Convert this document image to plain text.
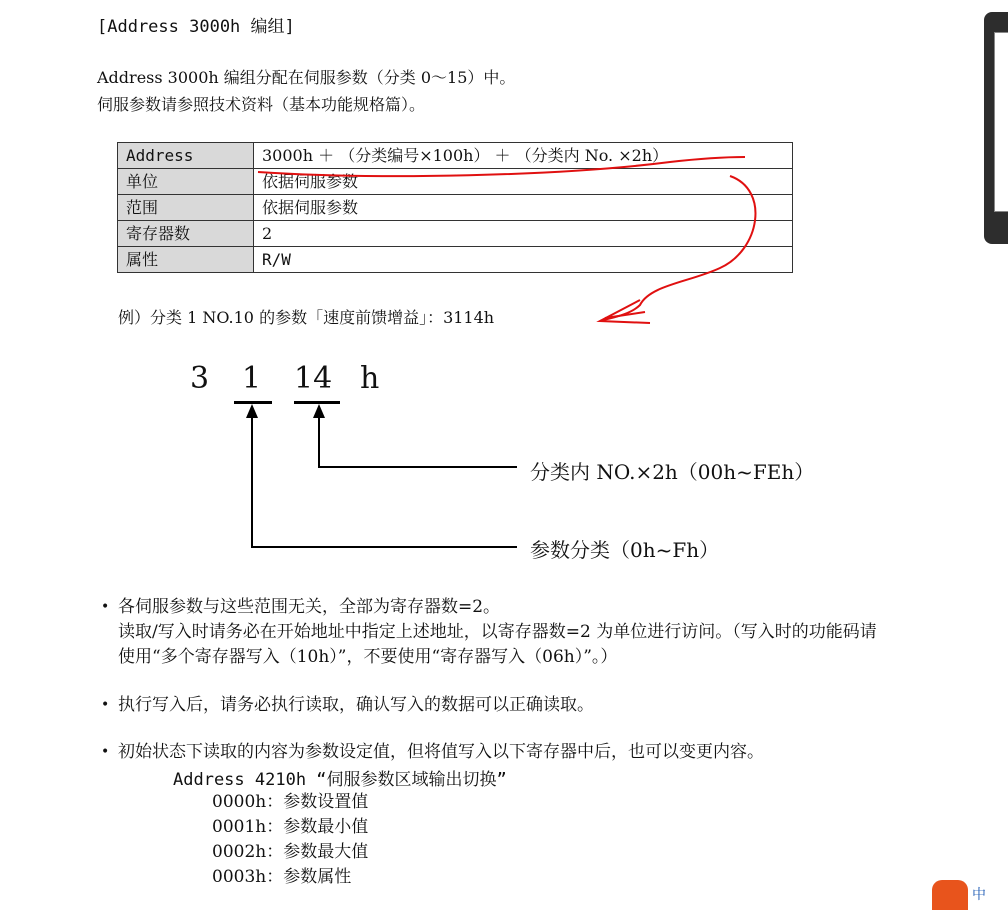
[Address 3000h 编组]
Address 3000h 编组分配在伺服参数（分类 0～15）中。
伺服参数请参照技术资料（基本功能规格篇）。
Address	3000h ＋ （分类编号×100h） ＋ （分类内 No. ×2h）
单位	依据伺服参数
范围	依据伺服参数
寄存器数	2
属性	R/W
例）分类 1 NO.10 的参数「速度前馈增益」：3114h
3 1 14 h
分类内 NO.×2h（00h~FEh）
参数分类（0h~Fh）
• 各伺服参数与这些范围无关，全部为寄存器数=2。
读取/写入时请务必在开始地址中指定上述地址，以寄存器数=2 为单位进行访问。（写入时的功能码请
使用“多个寄存器写入（10h）”，不要使用“寄存器写入（06h）”。）
• 执行写入后，请务必执行读取，确认写入的数据可以正确读取。
• 初始状态下读取的内容为参数设定值，但将值写入以下寄存器中后，也可以变更内容。
Address 4210h “伺服参数区域输出切换”
0000h：参数设置值
0001h：参数最小值
0002h：参数最大值
0003h：参数属性
中
